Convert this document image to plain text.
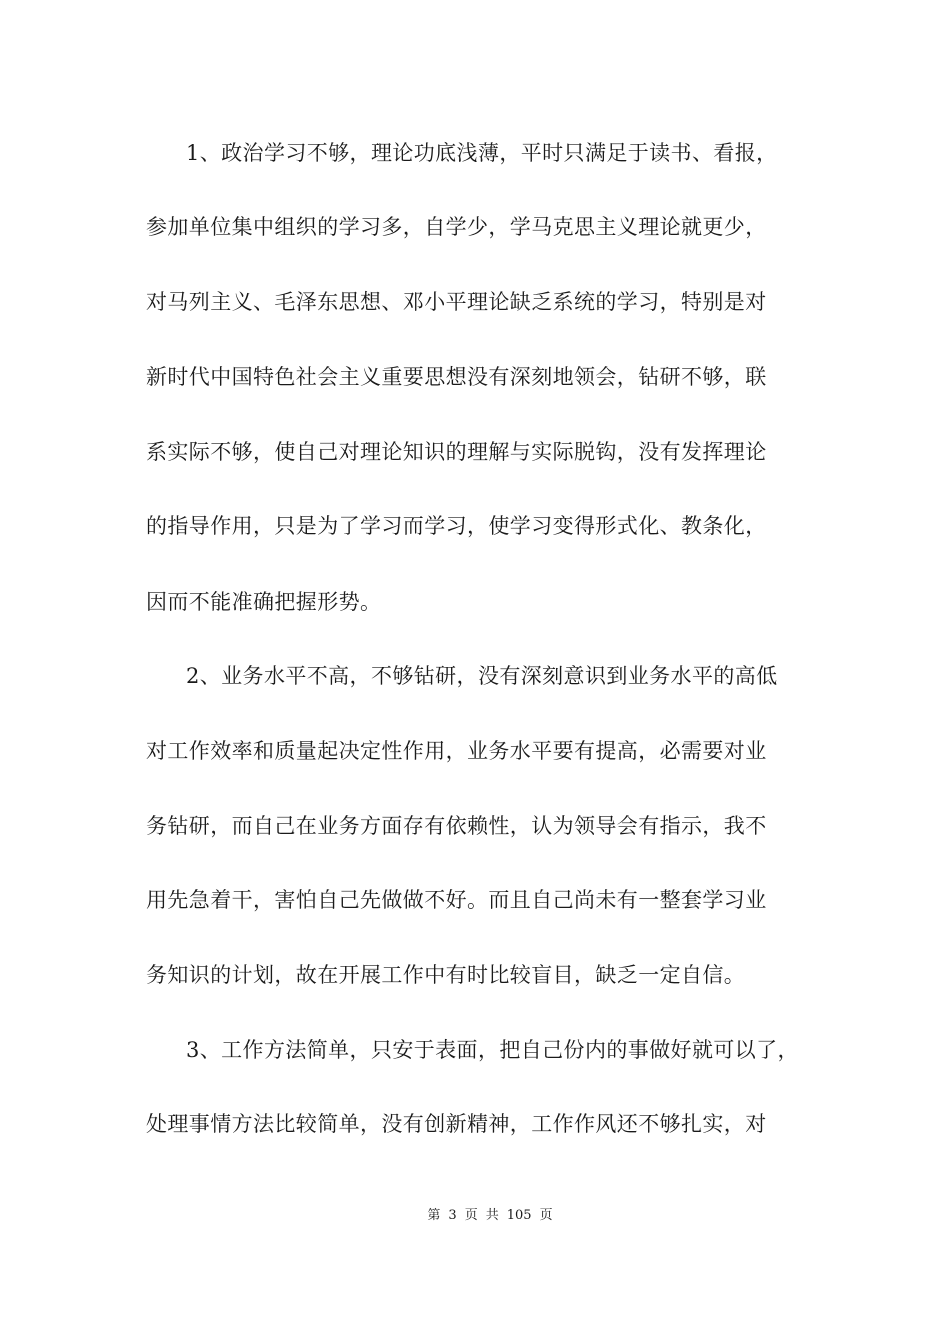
1、政治学习不够，理论功底浅薄，平时只满足于读书、看报，
参加单位集中组织的学习多，自学少，学马克思主义理论就更少，
对马列主义、毛泽东思想、邓小平理论缺乏系统的学习，特别是对
新时代中国特色社会主义重要思想没有深刻地领会，钻研不够，联
系实际不够，使自己对理论知识的理解与实际脱钩，没有发挥理论
的指导作用，只是为了学习而学习，使学习变得形式化、教条化，
因而不能准确把握形势。
2、业务水平不高，不够钻研，没有深刻意识到业务水平的高低
对工作效率和质量起决定性作用，业务水平要有提高，必需要对业
务钻研，而自己在业务方面存有依赖性，认为领导会有指示，我不
用先急着干，害怕自己先做做不好。而且自己尚未有一整套学习业
务知识的计划，故在开展工作中有时比较盲目，缺乏一定自信。
3、工作方法简单，只安于表面，把自己份内的事做好就可以了，
处理事情方法比较简单，没有创新精神，工作作风还不够扎实，对
第 3 页 共 105 页
